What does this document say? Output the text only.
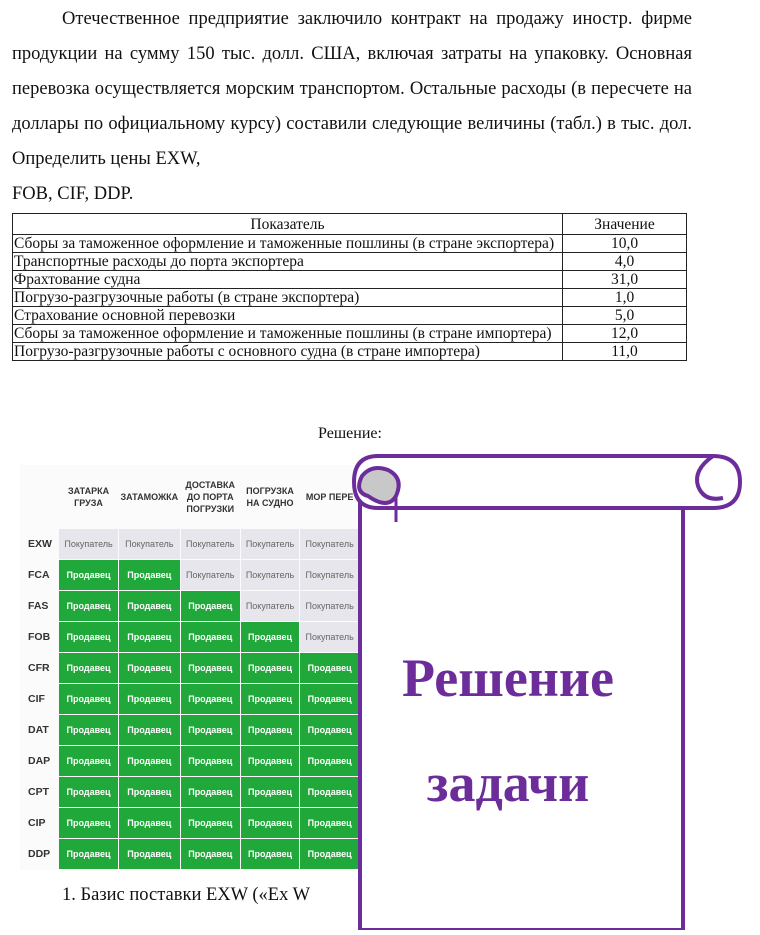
Отечественное предприятие заключило контракт на продажу иностр. фирме продукции на сумму 150 тыс. долл. США, включая затраты на упаковку. Основная перевозка осуществляется морским транспортом. Остальные расходы (в пересчете на доллары по официальному курсу) составили следующие величины (табл.) в тыс. дол. Определить цены EXW,
FOB, CIF, DDP.
Показатель	Значение
Сборы за таможенное оформление и таможенные пошлины (в стране экспортера)	10,0
Транспортные расходы до порта экспортера	4,0
Фрахтование судна	31,0
Погрузо-разгрузочные работы (в стране экспортера)	1,0
Страхование основной перевозки	5,0
Сборы за таможенное оформление и таможенные пошлины (в стране импортера)	12,0
Погрузо-разгрузочные работы с основного судна (в стране импортера)	11,0
Решение:
	ЗАТАРКА ГРУЗА	ЗАТАМОЖКА	ДОСТАВКА ДО ПОРТА ПОГРУЗКИ	ПОГРУЗКА НА СУДНО	МОР ПЕРЕ
EXW	Покупатель	Покупатель	Покупатель	Покупатель	Покупатель
FCA	Продавец	Продавец	Покупатель	Покупатель	Покупатель
FAS	Продавец	Продавец	Продавец	Покупатель	Покупатель
FOB	Продавец	Продавец	Продавец	Продавец	Покупатель
CFR	Продавец	Продавец	Продавец	Продавец	Продавец
CIF	Продавец	Продавец	Продавец	Продавец	Продавец
DAT	Продавец	Продавец	Продавец	Продавец	Продавец
DAP	Продавец	Продавец	Продавец	Продавец	Продавец
CPT	Продавец	Продавец	Продавец	Продавец	Продавец
CIP	Продавец	Продавец	Продавец	Продавец	Продавец
DDP	Продавец	Продавец	Продавец	Продавец	Продавец
Решение
задачи
1. Базис поставки EXW («Ex W
